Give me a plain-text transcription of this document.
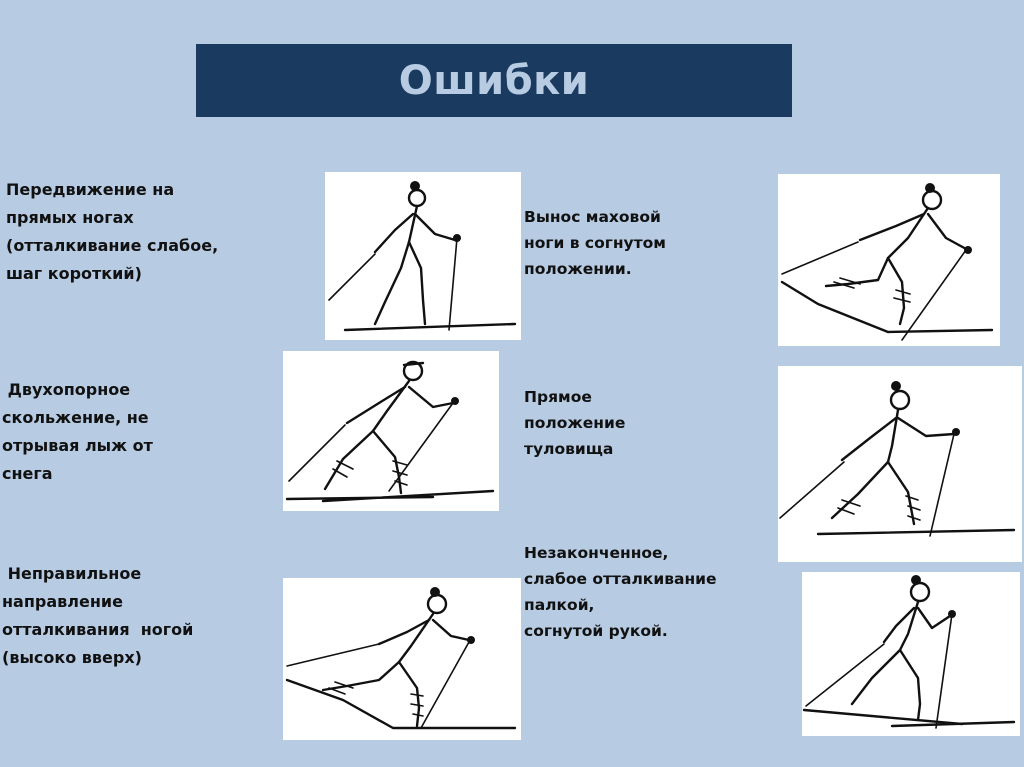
Ошибки
Передвижение на
прямых ногах
(отталкивание слабое,
шаг короткий)
Двухопорное
скольжение, не
отрывая лыж от
снега
Неправильное
направление
отталкивания  ногой
(высоко вверх)
Вынос маховой
ноги в согнутом
положении.
Прямое
положение
туловища
Незаконченное,
слабое отталкивание
палкой,
согнутой рукой.
